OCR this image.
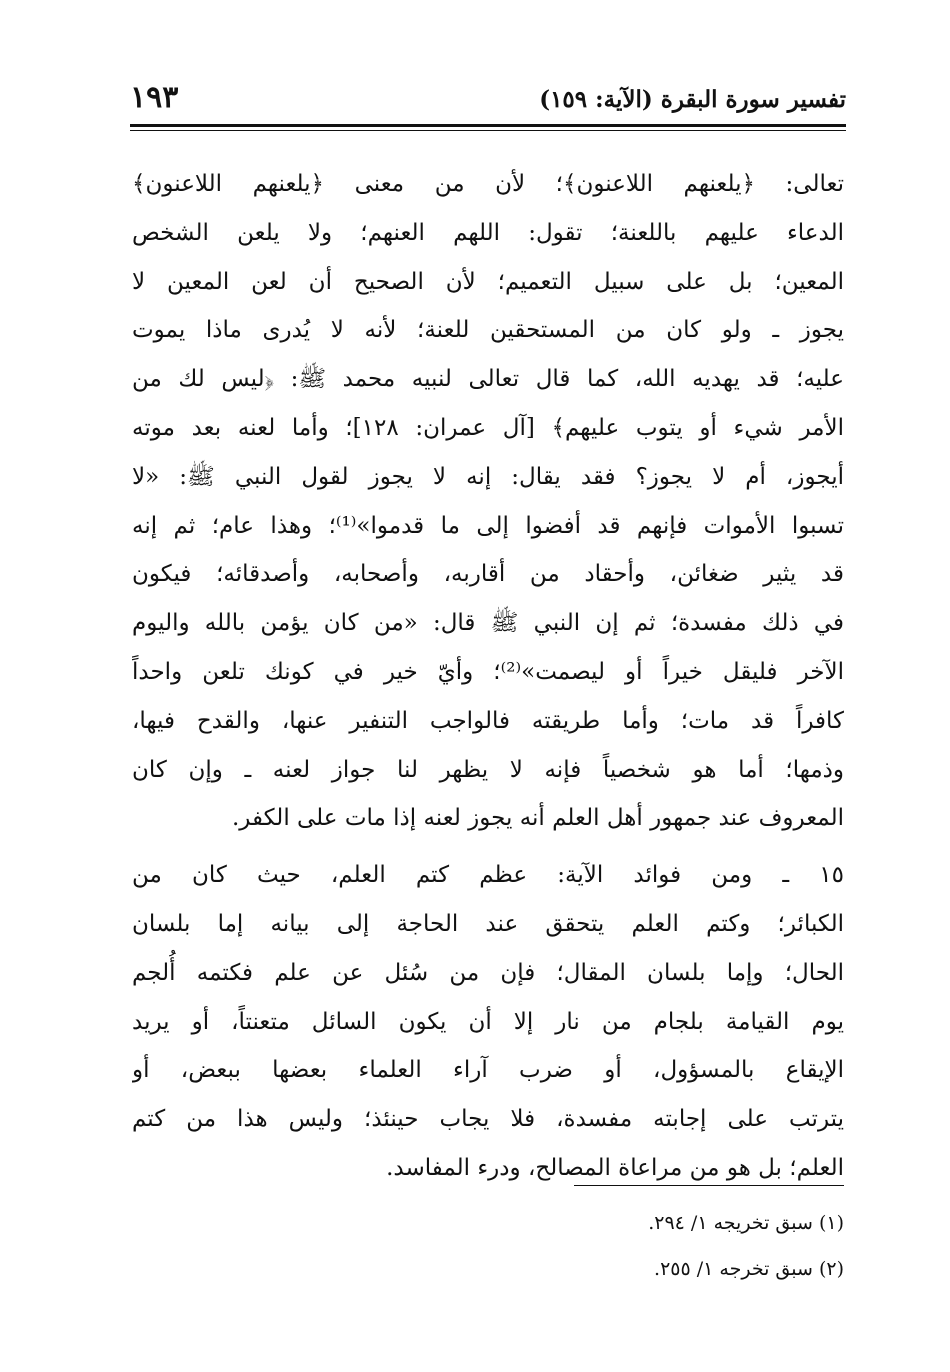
تفسير سورة البقرة (الآية: ١٥٩)
١٩٣
تعالى: ﴿يلعنهم اللاعنون﴾؛ لأن من معنى ﴿يلعنهم اللاعنون﴾
الدعاء عليهم باللعنة؛ تقول: اللهم العنهم؛ ولا يلعن الشخص
المعين؛ بل على سبيل التعميم؛ لأن الصحيح أن لعن المعين لا
يجوز ـ ولو كان من المستحقين للعنة؛ لأنه لا يُدرى ماذا يموت
عليه؛ قد يهديه الله، كما قال تعالى لنبيه محمد ﷺ: ﴿ليس لك من
الأمر شيء أو يتوب عليهم﴾ [آل عمران: ١٢٨]؛ وأما لعنه بعد موته
أيجوز، أم لا يجوز؟ فقد يقال: إنه لا يجوز لقول النبي ﷺ: «لا
تسبوا الأموات فإنهم قد أفضوا إلى ما قدموا»⁽¹⁾؛ وهذا عام؛ ثم إنه
قد يثير ضغائن، وأحقاد من أقاربه، وأصحابه، وأصدقائه؛ فيكون
في ذلك مفسدة؛ ثم إن النبي ﷺ قال: «من كان يؤمن بالله واليوم
الآخر فليقل خيراً أو ليصمت»⁽²⁾؛ وأيّ خير في كونك تلعن واحداً
كافراً قد مات؛ وأما طريقته فالواجب التنفير عنها، والقدح فيها،
وذمها؛ أما هو شخصياً فإنه لا يظهر لنا جواز لعنه ـ وإن كان
المعروف عند جمهور أهل العلم أنه يجوز لعنه إذا مات على الكفر.
١٥ ـ ومن فوائد الآية: عظم كتم العلم، حيث كان من
الكبائر؛ وكتم العلم يتحقق عند الحاجة إلى بيانه إما بلسان
الحال؛ وإما بلسان المقال؛ فإن من سُئل عن علم فكتمه أُلجم
يوم القيامة بلجام من نار إلا أن يكون السائل متعنتاً، أو يريد
الإيقاع بالمسؤول، أو ضرب آراء العلماء بعضها ببعض، أو
يترتب على إجابته مفسدة، فلا يجاب حينئذ؛ وليس هذا من كتم
العلم؛ بل هو من مراعاة المصالح، ودرء المفاسد.
(١) سبق تخريجه ١/ ٢٩٤.
(٢) سبق تخرجه ١/ ٢٥٥.
